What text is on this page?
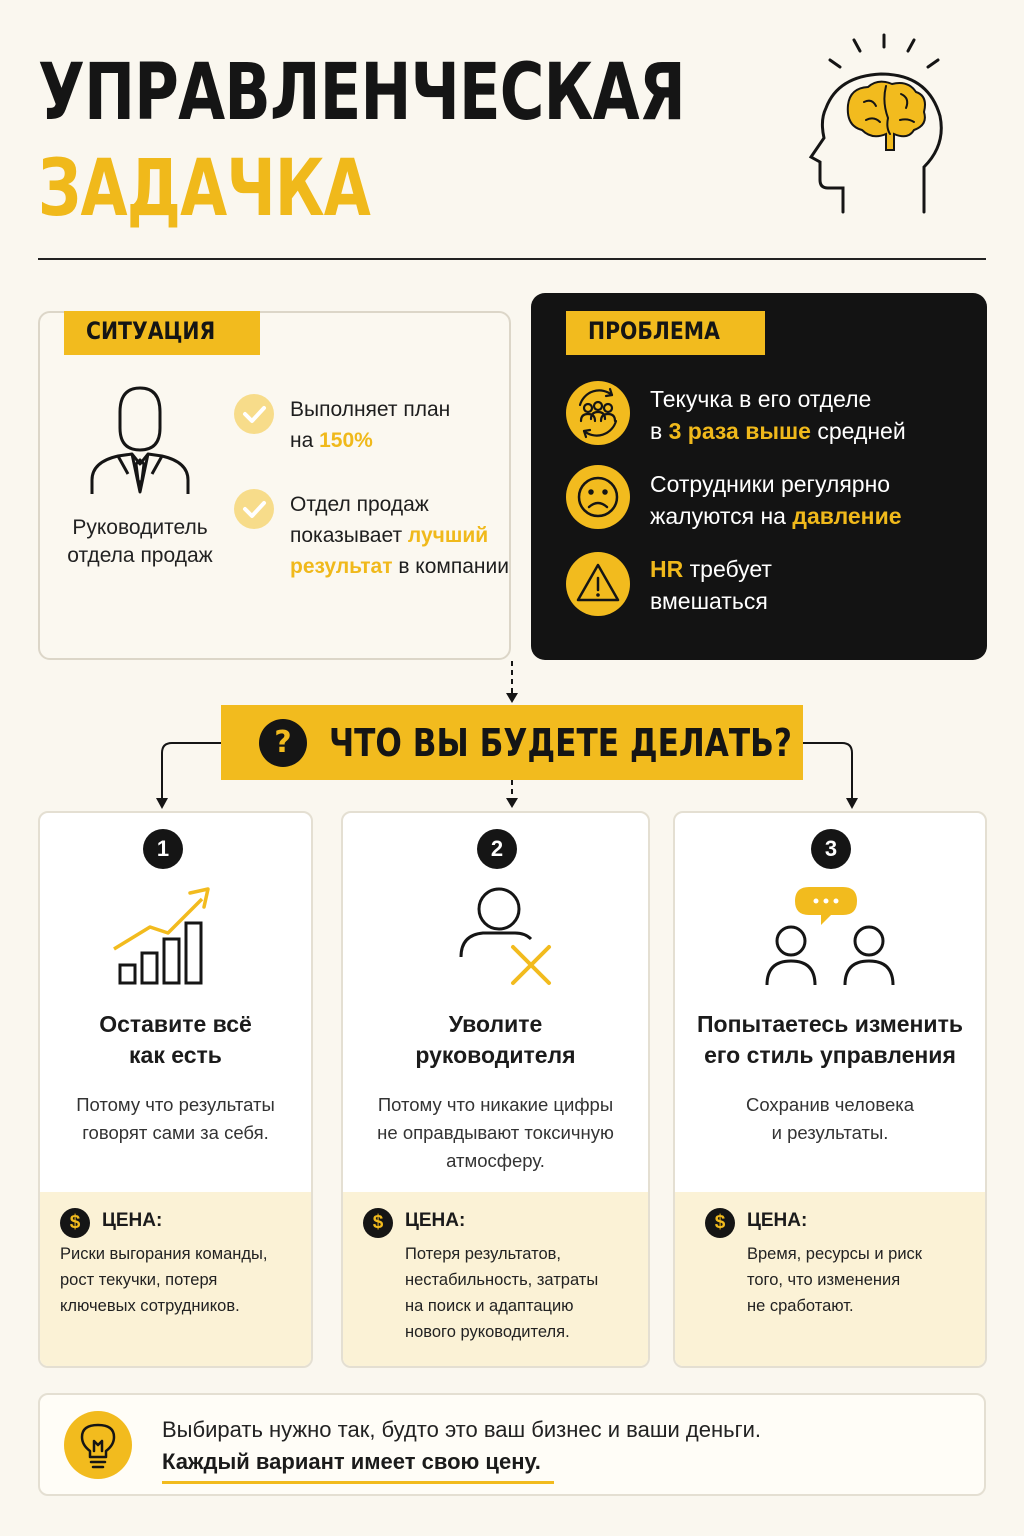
УПРАВЛЕНЧЕСКАЯ
ЗАДАЧКА
СИТУАЦИЯ
Руководитель
отдела продаж
Выполняет план
на 150%
Отдел продаж
показывает лучший
результат в компании
ПРОБЛЕМА
Текучка в его отделе
в 3 раза выше средней
Сотрудники регулярно
жалуются на давление
HR требует
вмешаться
? ЧТО ВЫ БУДЕТЕ ДЕЛАТЬ?
1
Оставите всё
как есть
Потому что результаты
говорят сами за себя.
$	ЦЕНА:
Риски выгорания команды,
рост текучки, потеря
ключевых сотрудников.
2
Уволите
руководителя
Потому что никакие цифры
не оправдывают токсичную
атмосферу.
$	ЦЕНА:
Потеря результатов,
нестабильность, затраты
на поиск и адаптацию
нового руководителя.
3
Попытаетесь изменить
его стиль управления
Сохранив человека
и результаты.
$	ЦЕНА:
Время, ресурсы и риск
того, что изменения
не сработают.
Выбирать нужно так, будто это ваш бизнес и ваши деньги.
Каждый вариант имеет свою цену.
